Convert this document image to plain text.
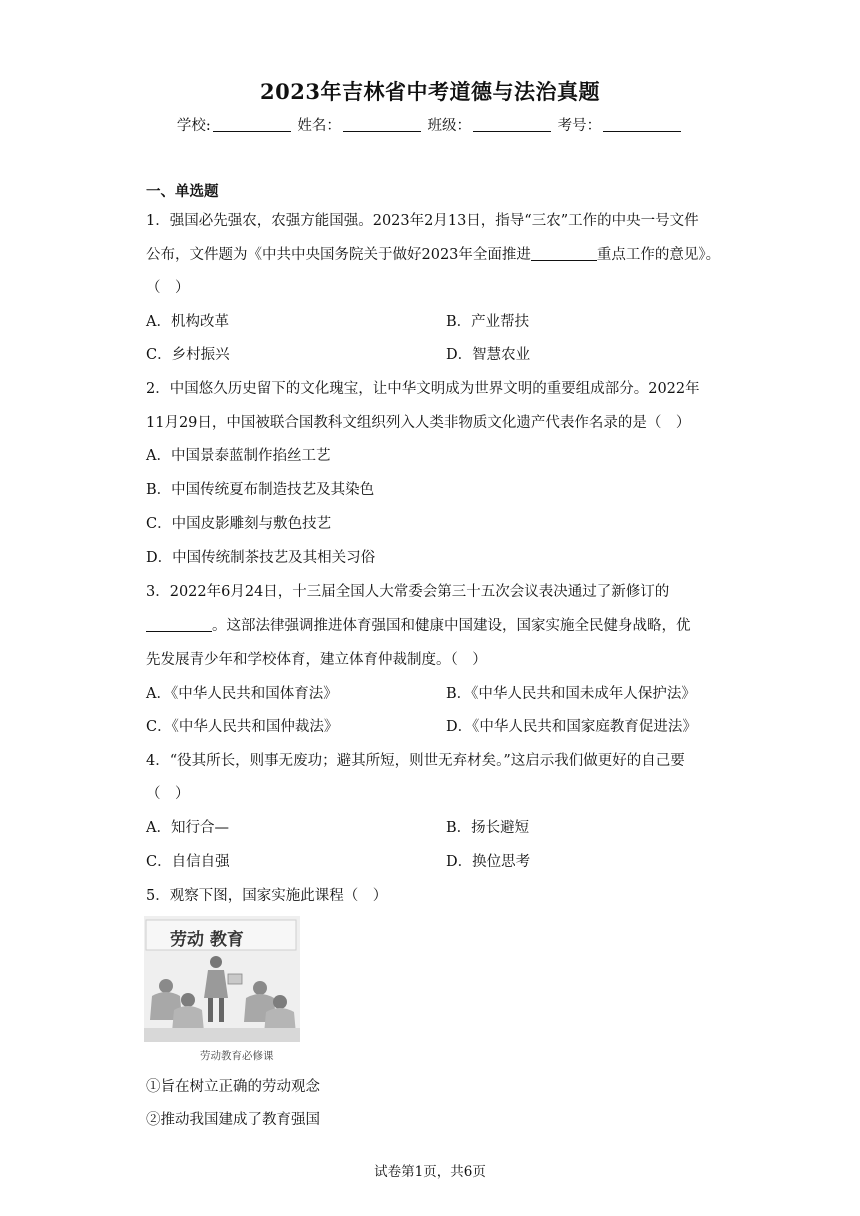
2023年吉林省中考道德与法治真题
学校:	姓名：	班级：	考号：
一、单选题
1．强国必先强农，农强方能国强。2023年2月13日，指导“三农”工作的中央一号文件
公布，文件题为《中共中央国务院关于做好2023年全面推进	重点工作的意见》。
（　）
A．机构改革	B．产业帮扶
C．乡村振兴	D．智慧农业
2．中国悠久历史留下的文化瑰宝，让中华文明成为世界文明的重要组成部分。2022年
11月29日，中国被联合国教科文组织列入人类非物质文化遗产代表作名录的是（　）
A．中国景泰蓝制作掐丝工艺
B．中国传统夏布制造技艺及其染色
C．中国皮影雕刻与敷色技艺
D．中国传统制茶技艺及其相关习俗
3．2022年6月24日，十三届全国人大常委会第三十五次会议表决通过了新修订的
。这部法律强调推进体育强国和健康中国建设，国家实施全民健身战略，优
先发展青少年和学校体育，建立体育仲裁制度。（　）
A．《中华人民共和国体育法》	B．《中华人民共和国未成年人保护法》
C．《中华人民共和国仲裁法》	D．《中华人民共和国家庭教育促进法》
4．“役其所长，则事无废功；避其所短，则世无弃材矣。”这启示我们做更好的自己要
（　）
A．知行合—	B．扬长避短
C．自信自强	D．换位思考
5．观察下图，国家实施此课程（　）
劳动 教育
劳动教育必修课
①旨在树立正确的劳动观念
②推动我国建成了教育强国
试卷第1页，共6页
